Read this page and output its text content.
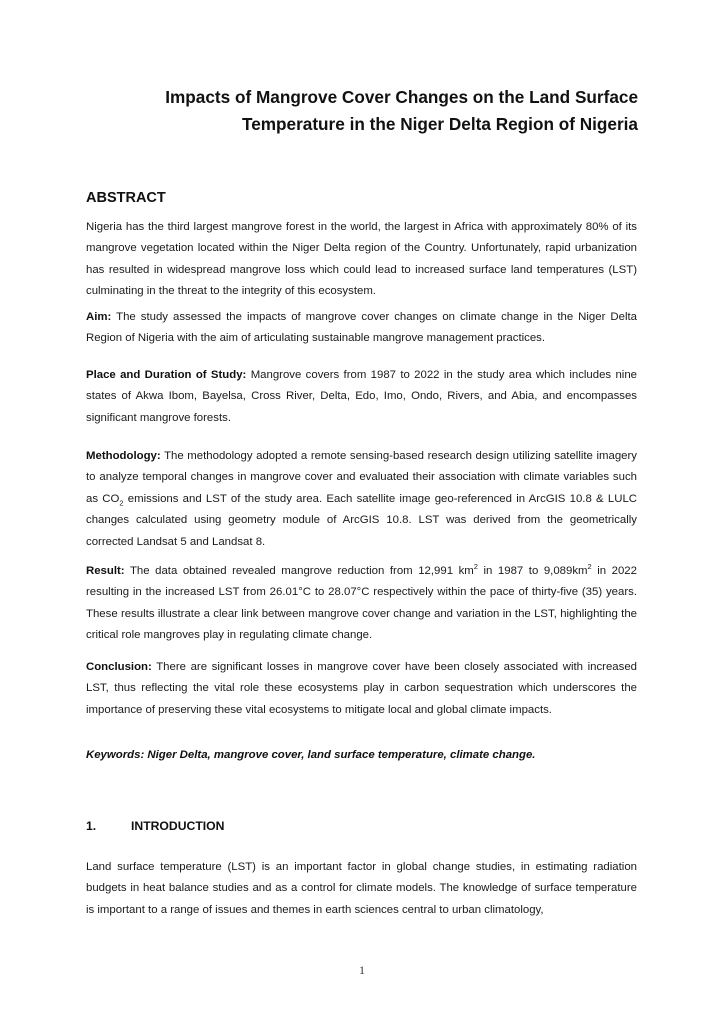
Impacts of Mangrove Cover Changes on the Land Surface
Temperature in the Niger Delta Region of Nigeria
ABSTRACT

Nigeria has the third largest mangrove forest in the world, the largest in Africa with approximately 80% of its mangrove vegetation located within the Niger Delta region of the Country. Unfortunately, rapid urbanization has resulted in widespread mangrove loss which could lead to increased surface land temperatures (LST) culminating in the threat to the integrity of this ecosystem.

Aim: The study assessed the impacts of mangrove cover changes on climate change in the Niger Delta Region of Nigeria with the aim of articulating sustainable mangrove management practices.

Place and Duration of Study: Mangrove covers from 1987 to 2022 in the study area which includes nine states of Akwa Ibom, Bayelsa, Cross River, Delta, Edo, Imo, Ondo, Rivers, and Abia, and encompasses significant mangrove forests.

Methodology: The methodology adopted a remote sensing-based research design utilizing satellite imagery to analyze temporal changes in mangrove cover and evaluated their association with climate variables such as $CO_2$ emissions and LST of the study area. Each satellite image geo-referenced in ArcGIS 10.8 & LULC changes calculated using geometry module of ArcGIS 10.8. LST was derived from the geometrically corrected Landsat 5 and Landsat 8.

Result: The data obtained revealed mangrove reduction from 12,991 $km^2$ in 1987 to $9,089km^2$ in 2022 resulting in the increased LST from 26.01°C to 28.07°C respectively within the pace of thirty-five (35) years. These results illustrate a clear link between mangrove cover change and variation in the LST, highlighting the critical role mangroves play in regulating climate change.

Conclusion: There are significant losses in mangrove cover have been closely associated with increased LST, thus reflecting the vital role these ecosystems play in carbon sequestration which underscores the importance of preserving these vital ecosystems to mitigate local and global climate impacts.

Keywords: Niger Delta, mangrove cover, land surface temperature, climate change.
1.	INTRODUCTION

Land surface temperature (LST) is an important factor in global change studies, in estimating radiation budgets in heat balance studies and as a control for climate models. The knowledge of surface temperature is important to a range of issues and themes in earth sciences central to urban climatology,

1
